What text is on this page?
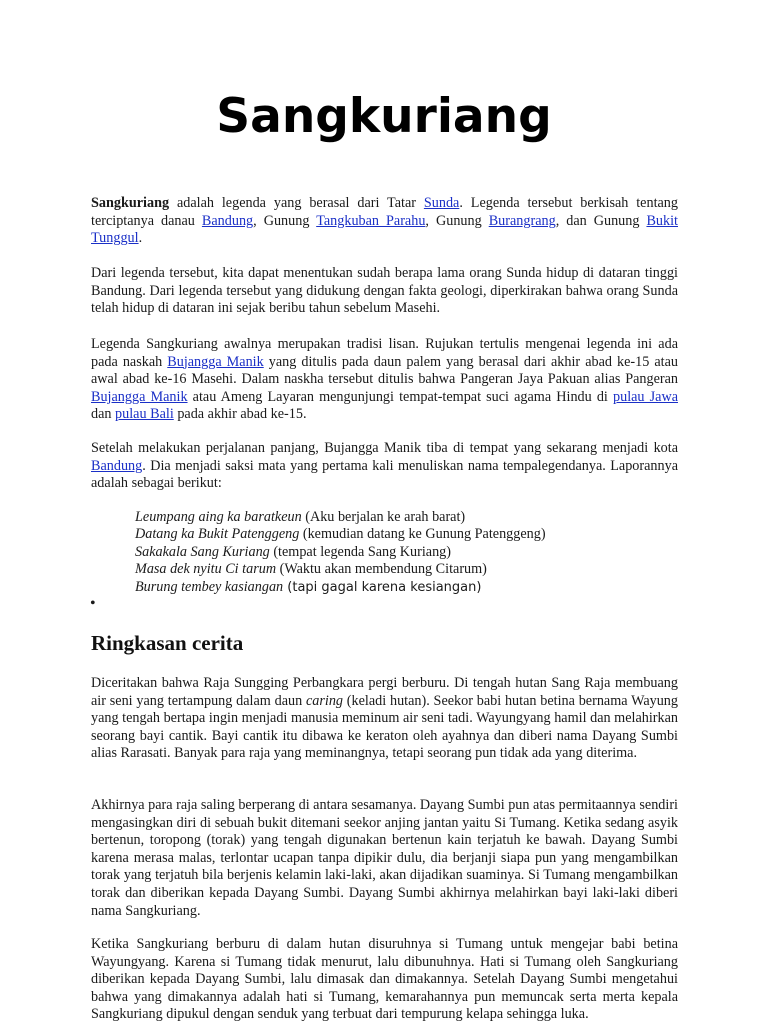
Sangkuriang

Sangkuriang adalah legenda yang berasal dari Tatar Sunda. Legenda tersebut berkisah tentang terciptanya danau Bandung, Gunung Tangkuban Parahu, Gunung Burangrang, dan Gunung Bukit Tunggul.

Dari legenda tersebut, kita dapat menentukan sudah berapa lama orang Sunda hidup di dataran tinggi Bandung. Dari legenda tersebut yang didukung dengan fakta geologi, diperkirakan bahwa orang Sunda telah hidup di dataran ini sejak beribu tahun sebelum Masehi.

Legenda Sangkuriang awalnya merupakan tradisi lisan. Rujukan tertulis mengenai legenda ini ada pada naskah Bujangga Manik yang ditulis pada daun palem yang berasal dari akhir abad ke-15 atau awal abad ke-16 Masehi. Dalam naskha tersebut ditulis bahwa Pangeran Jaya Pakuan alias Pangeran Bujangga Manik atau Ameng Layaran mengunjungi tempat-tempat suci agama Hindu di pulau Jawa dan pulau Bali pada akhir abad ke-15.

Setelah melakukan perjalanan panjang, Bujangga Manik tiba di tempat yang sekarang menjadi kota Bandung. Dia menjadi saksi mata yang pertama kali menuliskan nama tempalegendanya. Laporannya adalah sebagai berikut:

Leumpang aing ka baratkeun (Aku berjalan ke arah barat)
Datang ka Bukit Patenggeng (kemudian datang ke Gunung Patenggeng)
Sakakala Sang Kuriang (tempat legenda Sang Kuriang)
Masa dek nyitu Ci tarum (Waktu akan membendung Citarum)
Burung tembey kasiangan (tapi gagal karena kesiangan)
•
Ringkasan cerita

Diceritakan bahwa Raja Sungging Perbangkara pergi berburu. Di tengah hutan Sang Raja membuang air seni yang tertampung dalam daun caring (keladi hutan). Seekor babi hutan betina bernama Wayung yang tengah bertapa ingin menjadi manusia meminum air seni tadi. Wayungyang hamil dan melahirkan seorang bayi cantik. Bayi cantik itu dibawa ke keraton oleh ayahnya dan diberi nama Dayang Sumbi alias Rarasati. Banyak para raja yang meminangnya, tetapi seorang pun tidak ada yang diterima.

Akhirnya para raja saling berperang di antara sesamanya. Dayang Sumbi pun atas permitaannya sendiri mengasingkan diri di sebuah bukit ditemani seekor anjing jantan yaitu Si Tumang. Ketika sedang asyik bertenun, toropong (torak) yang tengah digunakan bertenun kain terjatuh ke bawah. Dayang Sumbi karena merasa malas, terlontar ucapan tanpa dipikir dulu, dia berjanji siapa pun yang mengambilkan torak yang terjatuh bila berjenis kelamin laki-laki, akan dijadikan suaminya. Si Tumang mengambilkan torak dan diberikan kepada Dayang Sumbi. Dayang Sumbi akhirnya melahirkan bayi laki-laki diberi nama Sangkuriang.

Ketika Sangkuriang berburu di dalam hutan disuruhnya si Tumang untuk mengejar babi betina Wayungyang. Karena si Tumang tidak menurut, lalu dibunuhnya. Hati si Tumang oleh Sangkuriang diberikan kepada Dayang Sumbi, lalu dimasak dan dimakannya. Setelah Dayang Sumbi mengetahui bahwa yang dimakannya adalah hati si Tumang, kemarahannya pun memuncak serta merta kepala Sangkuriang dipukul dengan senduk yang terbuat dari tempurung kelapa sehingga luka.
